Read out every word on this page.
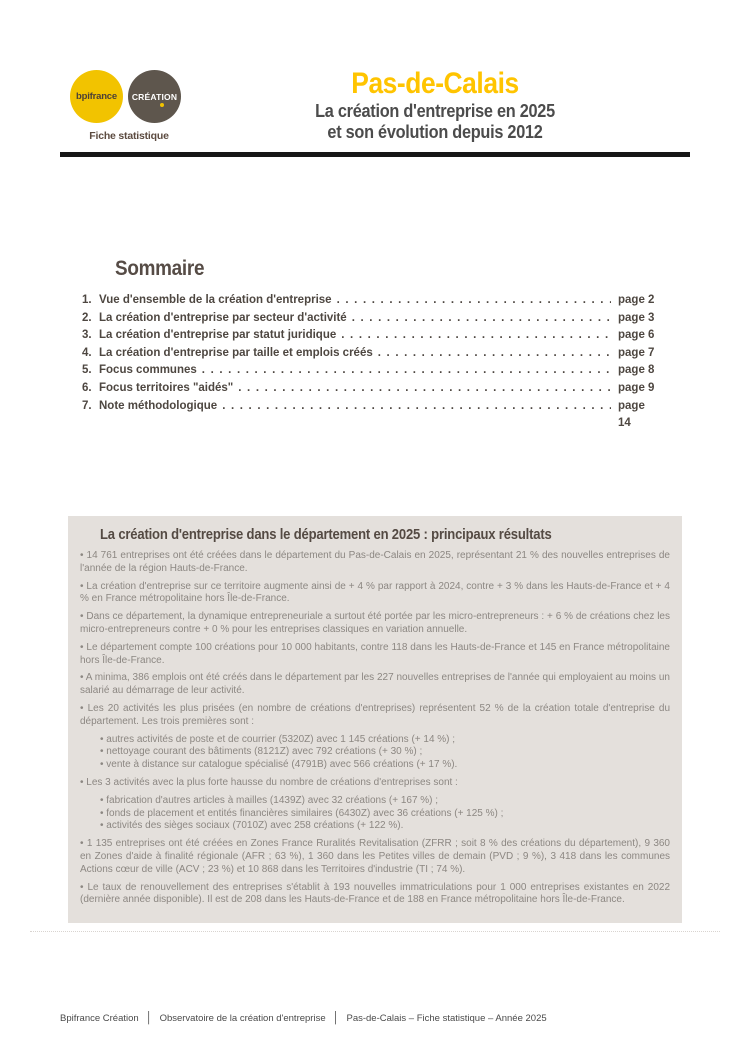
bpifrance CRÉATION
Fiche statistique
Pas-de-Calais
La création d'entreprise en 2025
et son évolution depuis 2012
Sommaire
1. Vue d'ensemble de la création d'entreprise . . .	page 2
2. La création d'entreprise par secteur d'activité . . .	page 3
3. La création d'entreprise par statut juridique . . .	page 6
4. La création d'entreprise par taille et emplois créés . . .	page 7
5. Focus communes . . .	page 8
6. Focus territoires "aidés" . . .	page 9
7. Note méthodologique . . .	page 14
La création d'entreprise dans le département en 2025 : principaux résultats

• 14 761 entreprises ont été créées dans le département du Pas-de-Calais en 2025, représentant 21 % des nouvelles entreprises de l'année de la région Hauts-de-France.

• La création d'entreprise sur ce territoire augmente ainsi de + 4 % par rapport à 2024, contre + 3 % dans les Hauts-de-France et + 4 % en France métropolitaine hors Île-de-France.

• Dans ce département, la dynamique entrepreneuriale a surtout été portée par les micro-entrepreneurs : + 6 % de créations chez les micro-entrepreneurs contre + 0 % pour les entreprises classiques en variation annuelle.

• Le département compte 100 créations pour 10 000 habitants, contre 118 dans les Hauts-de-France et 145 en France métropolitaine hors Île-de-France.

• A minima, 386 emplois ont été créés dans le département par les 227 nouvelles entreprises de l'année qui employaient au moins un salarié au démarrage de leur activité.

• Les 20 activités les plus prisées (en nombre de créations d'entreprises) représentent 52 % de la création totale d'entreprise du département. Les trois premières sont :

• autres activités de poste et de courrier (5320Z) avec 1 145 créations (+ 14 %) ;

• nettoyage courant des bâtiments (8121Z) avec 792 créations (+ 30 %) ;

• vente à distance sur catalogue spécialisé (4791B) avec 566 créations (+ 17 %).

• Les 3 activités avec la plus forte hausse du nombre de créations d'entreprises sont :

• fabrication d'autres articles à mailles (1439Z) avec 32 créations (+ 167 %) ;

• fonds de placement et entités financières similaires (6430Z) avec 36 créations (+ 125 %) ;

• activités des sièges sociaux (7010Z) avec 258 créations (+ 122 %).

• 1 135 entreprises ont été créées en Zones France Ruralités Revitalisation (ZFRR ; soit 8 % des créations du département), 9 360 en Zones d'aide à finalité régionale (AFR ; 63 %), 1 360 dans les Petites villes de demain (PVD ; 9 %), 3 418 dans les communes Actions cœur de ville (ACV ; 23 %) et 10 868 dans les Territoires d'industrie (TI ; 74 %).

• Le taux de renouvellement des entreprises s'établit à 193 nouvelles immatriculations pour 1 000 entreprises existantes en 2022 (dernière année disponible). Il est de 208 dans les Hauts-de-France et de 188 en France métropolitaine hors Île-de-France.

Bpifrance Création │ Observatoire de la création d'entreprise │ Pas-de-Calais – Fiche statistique – Année 2025
